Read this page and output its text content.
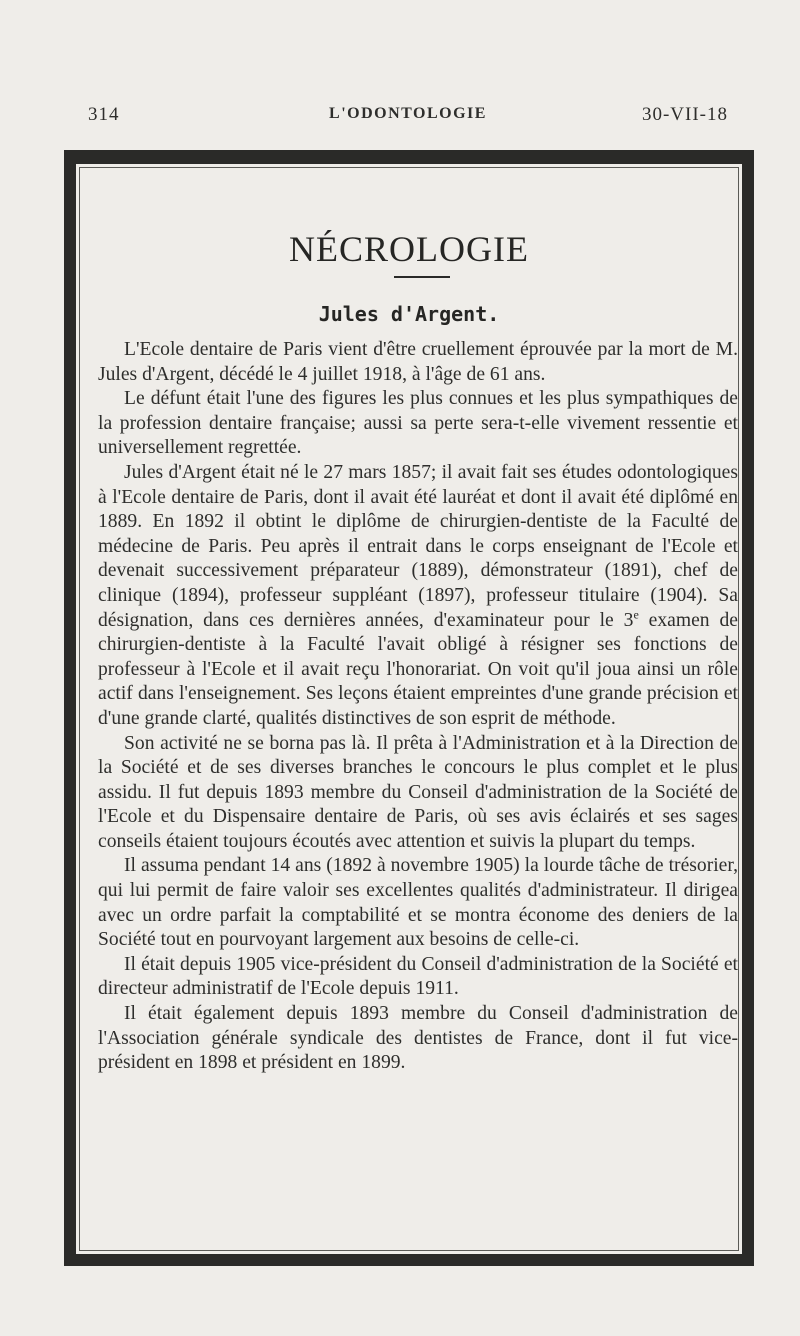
314	L'ODONTOLOGIE	30-VII-18
NÉCROLOGIE
Jules d'Argent.

L'Ecole dentaire de Paris vient d'être cruellement éprouvée par la mort de M. Jules d'Argent, décédé le 4 juillet 1918, à l'âge de 61 ans.

Le défunt était l'une des figures les plus connues et les plus sympathiques de la profession dentaire française; aussi sa perte sera-t-elle vivement ressentie et universellement regrettée.

Jules d'Argent était né le 27 mars 1857; il avait fait ses études odontologiques à l'Ecole dentaire de Paris, dont il avait été lauréat et dont il avait été diplômé en 1889. En 1892 il obtint le diplôme de chirurgien-dentiste de la Faculté de médecine de Paris. Peu après il entrait dans le corps enseignant de l'Ecole et devenait successivement préparateur (1889), démonstrateur (1891), chef de clinique (1894), professeur suppléant (1897), professeur titulaire (1904). Sa désignation, dans ces dernières années, d'examinateur pour le 3e examen de chirurgien-dentiste à la Faculté l'avait obligé à résigner ses fonctions de professeur à l'Ecole et il avait reçu l'honorariat. On voit qu'il joua ainsi un rôle actif dans l'enseignement. Ses leçons étaient empreintes d'une grande précision et d'une grande clarté, qualités distinctives de son esprit de méthode.

Son activité ne se borna pas là. Il prêta à l'Administration et à la Direction de la Société et de ses diverses branches le concours le plus complet et le plus assidu. Il fut depuis 1893 membre du Conseil d'administration de la Société de l'Ecole et du Dispensaire dentaire de Paris, où ses avis éclairés et ses sages conseils étaient toujours écoutés avec attention et suivis la plupart du temps.

Il assuma pendant 14 ans (1892 à novembre 1905) la lourde tâche de trésorier, qui lui permit de faire valoir ses excellentes qualités d'administrateur. Il dirigea avec un ordre parfait la comptabilité et se montra économe des deniers de la Société tout en pourvoyant largement aux besoins de celle-ci.

Il était depuis 1905 vice-président du Conseil d'administration de la Société et directeur administratif de l'Ecole depuis 1911.

Il était également depuis 1893 membre du Conseil d'administration de l'Association générale syndicale des dentistes de France, dont il fut vice-président en 1898 et président en 1899.
